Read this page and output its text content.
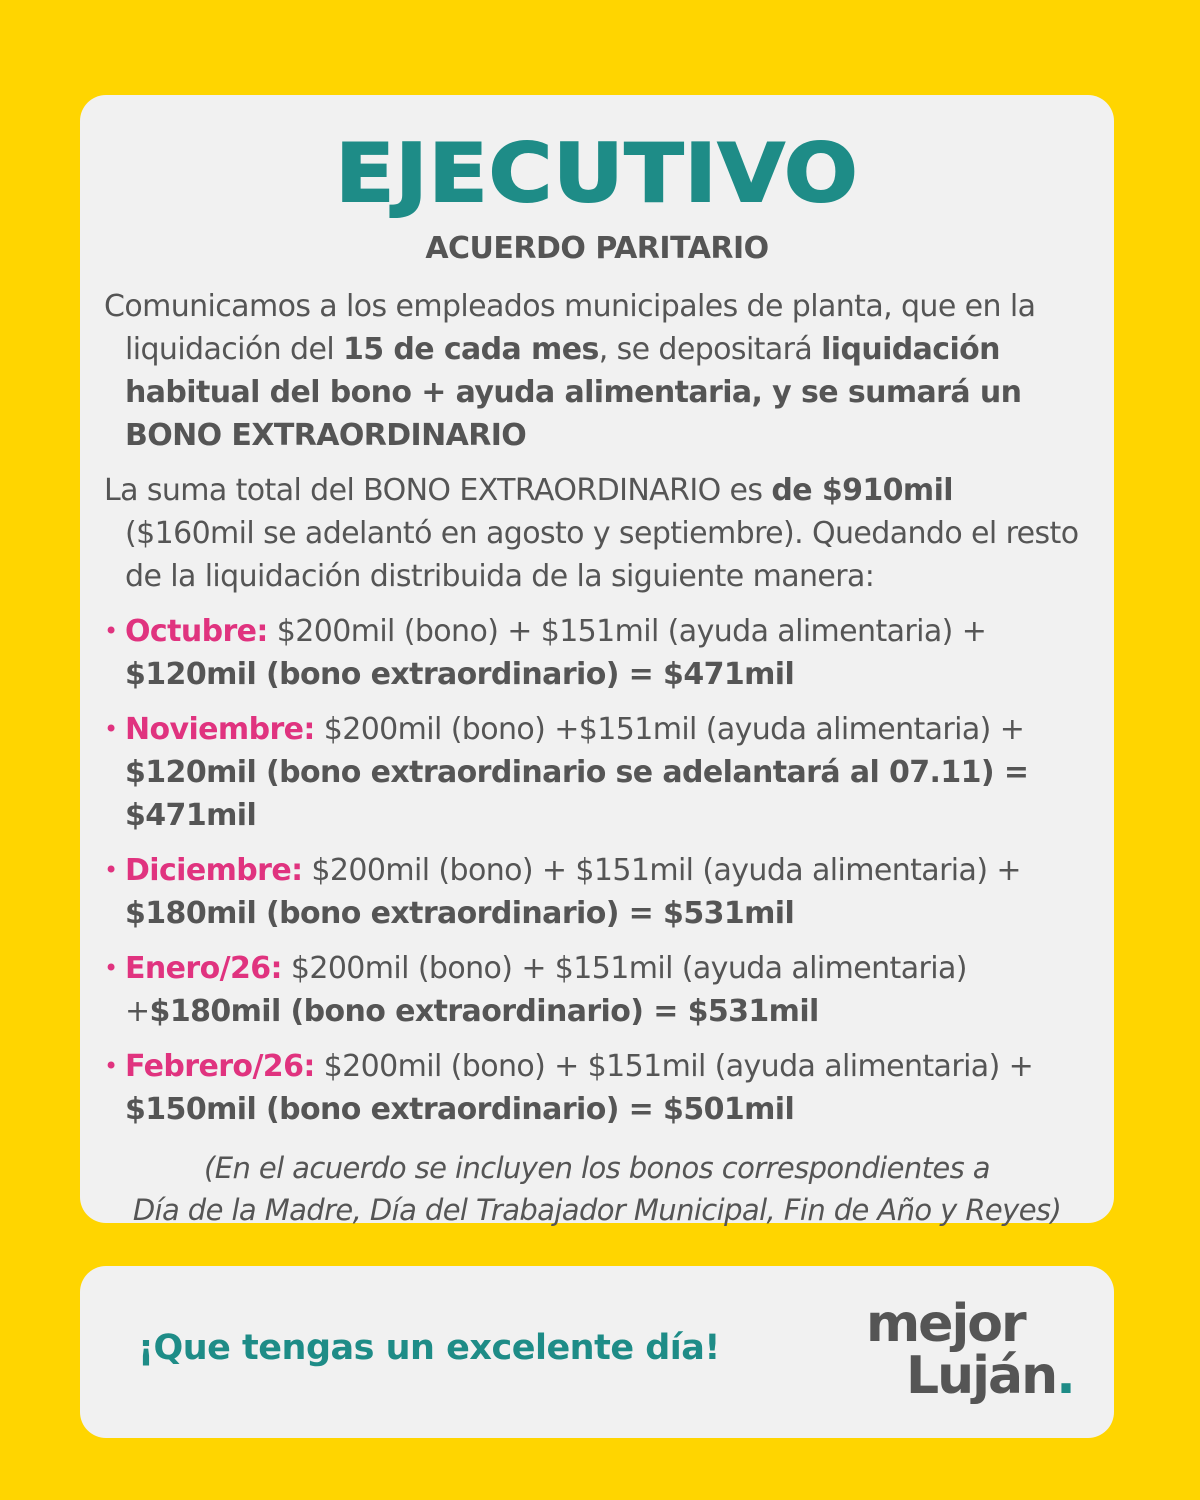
EJECUTIVO
ACUERDO PARITARIO

Comunicamos a los empleados municipales de planta, que en la liquidación del 15 de cada mes, se depositará liquidación habitual del bono + ayuda alimentaria, y se sumará un BONO EXTRAORDINARIO

La suma total del BONO EXTRAORDINARIO es de $910mil ($160mil se adelantó en agosto y septiembre). Quedando el resto de la liquidación distribuida de la siguiente manera:

• Octubre: $200mil (bono) + $151mil (ayuda alimentaria) + $120mil (bono extraordinario) = $471mil
• Noviembre: $200mil (bono) +$151mil (ayuda alimentaria) + $120mil (bono extraordinario se adelantará al 07.11) = $471mil
• Diciembre: $200mil (bono) + $151mil (ayuda alimentaria) + $180mil (bono extraordinario) = $531mil
• Enero/26: $200mil (bono) + $151mil (ayuda alimentaria) +$180mil (bono extraordinario) = $531mil
• Febrero/26: $200mil (bono) + $151mil (ayuda alimentaria) + $150mil (bono extraordinario) = $501mil
(En el acuerdo se incluyen los bonos correspondientes a
Día de la Madre, Día del Trabajador Municipal, Fin de Año y Reyes)
¡Que tengas un excelente día!	mejor
Luján.
